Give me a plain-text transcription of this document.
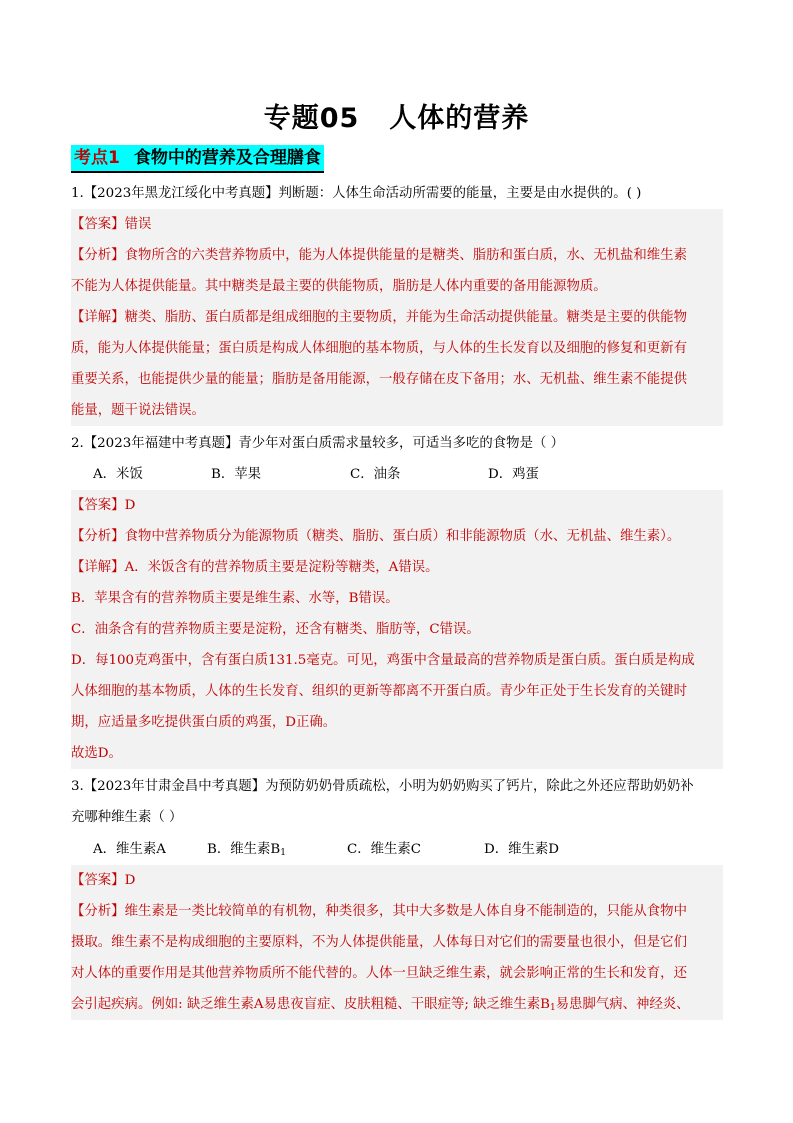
专题05 人体的营养
考点1 食物中的营养及合理膳食
1.【2023年黑龙江绥化中考真题】判断题：人体生命活动所需要的能量，主要是由水提供的。( )
【答案】错误
【分析】食物所含的六类营养物质中，能为人体提供能量的是糖类、脂肪和蛋白质，水、无机盐和维生素
不能为人体提供能量。其中糖类是最主要的供能物质，脂肪是人体内重要的备用能源物质。
【详解】糖类、脂肪、蛋白质都是组成细胞的主要物质，并能为生命活动提供能量。糖类是主要的供能物
质，能为人体提供能量；蛋白质是构成人体细胞的基本物质，与人体的生长发育以及细胞的修复和更新有
重要关系，也能提供少量的能量；脂肪是备用能源，一般存储在皮下备用；水、无机盐、维生素不能提供
能量，题干说法错误。
2.【2023年福建中考真题】青少年对蛋白质需求量较多，可适当多吃的食物是（ ）
A．米饭	B．苹果	C．油条	D．鸡蛋
【答案】D
【分析】食物中营养物质分为能源物质（糖类、脂肪、蛋白质）和非能源物质（水、无机盐、维生素）。
【详解】A．米饭含有的营养物质主要是淀粉等糖类，A错误。
B．苹果含有的营养物质主要是维生素、水等，B错误。
C．油条含有的营养物质主要是淀粉，还含有糖类、脂肪等，C错误。
D．每100克鸡蛋中，含有蛋白质131.5毫克。可见，鸡蛋中含量最高的营养物质是蛋白质。蛋白质是构成
人体细胞的基本物质，人体的生长发育、组织的更新等都离不开蛋白质。青少年正处于生长发育的关键时
期，应适量多吃提供蛋白质的鸡蛋，D正确。
故选D。
3.【2023年甘肃金昌中考真题】为预防奶奶骨质疏松，小明为奶奶购买了钙片，除此之外还应帮助奶奶补
充哪种维生素（ ）
A．维生素A	B．维生素$B_1$	C．维生素C	D．维生素D
【答案】D
【分析】维生素是一类比较简单的有机物，种类很多，其中大多数是人体自身不能制造的，只能从食物中
摄取。维生素不是构成细胞的主要原料，不为人体提供能量，人体每日对它们的需要量也很小，但是它们
对人体的重要作用是其他营养物质所不能代替的。人体一旦缺乏维生素，就会影响正常的生长和发育，还
会引起疾病。例如: 缺乏维生素A易患夜盲症、皮肤粗糙、干眼症等; 缺乏维生素$B_1$易患脚气病、神经炎、
